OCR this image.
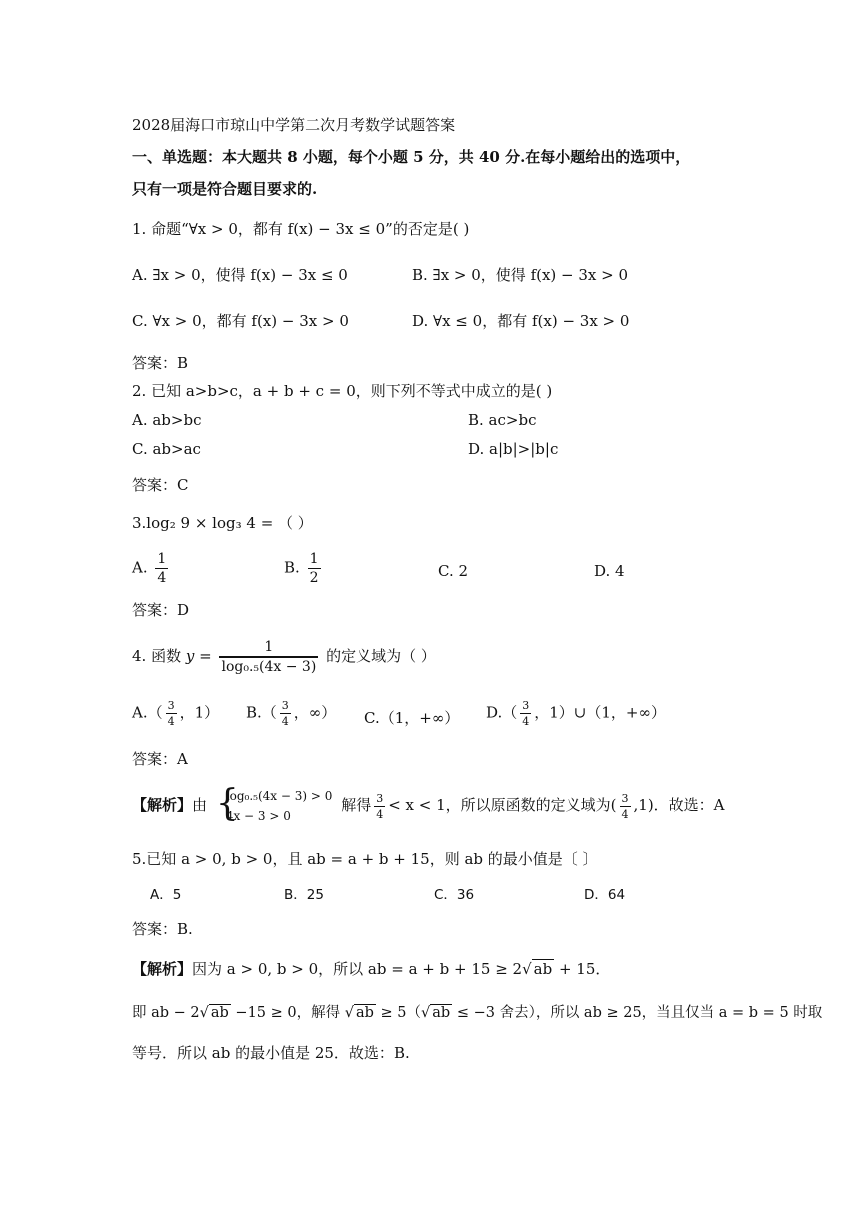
2028届海口市琼山中学第二次月考数学试题答案
一、单选题：本大题共 8 小题，每个小题 5 分，共 40 分.在每小题给出的选项中，
只有一项是符合题目要求的.
1. 命题“∀x > 0，都有 f(x) − 3x ≤ 0”的否定是( )
A. ∃x > 0，使得 f(x) − 3x ≤ 0	B. ∃x > 0，使得 f(x) − 3x > 0
C. ∀x > 0，都有 f(x) − 3x > 0	D. ∀x ≤ 0，都有 f(x) − 3x > 0
答案：B
2. 已知 a>b>c，a + b + c = 0，则下列不等式中成立的是( )
A. ab>bc	B. ac>bc
C. ab>ac	D. a|b|>|b|c
答案：C
3.log₂ 9 × log₃ 4 = （ ）
A. $\frac{1}{4}$	B. $\frac{1}{2}$	C. 2	D. 4
答案：D
4. 函数 $y = \frac{1}{\text{log₀.₅(4x − 3)}}$ 的定义域为（ ）
$A.( \frac{3}{4}$ ，1） $B.( \frac{3}{4}$ ，∞） C.（1，+∞） $D.( \frac{3}{4}$ ，1）∪（1，+∞）
答案：A
【解析】由 {
log₀.₅(4x − 3) > 0
4x − 3 > 0
解得 $\frac{3}{4} < x < 1$，所以原函数的定义域为( $\frac{3}{4} ,1$)．故选：A
5.已知 a > 0, b > 0，且 ab = a + b + 15，则 ab 的最小值是〔 〕
A．5	B．25	C．36	D．64
答案：B.
【解析】因为 a > 0, b > 0，所以 ab = a + b + 15 ≥ 2√ ab + 15．
即 ab − 2√ ab −15 ≥ 0，解得 √ ab ≥ 5（√ ab ≤ −3 舍去），所以 ab ≥ 25，当且仅当 a = b = 5 时取
等号．所以 ab 的最小值是 25．故选：B.
